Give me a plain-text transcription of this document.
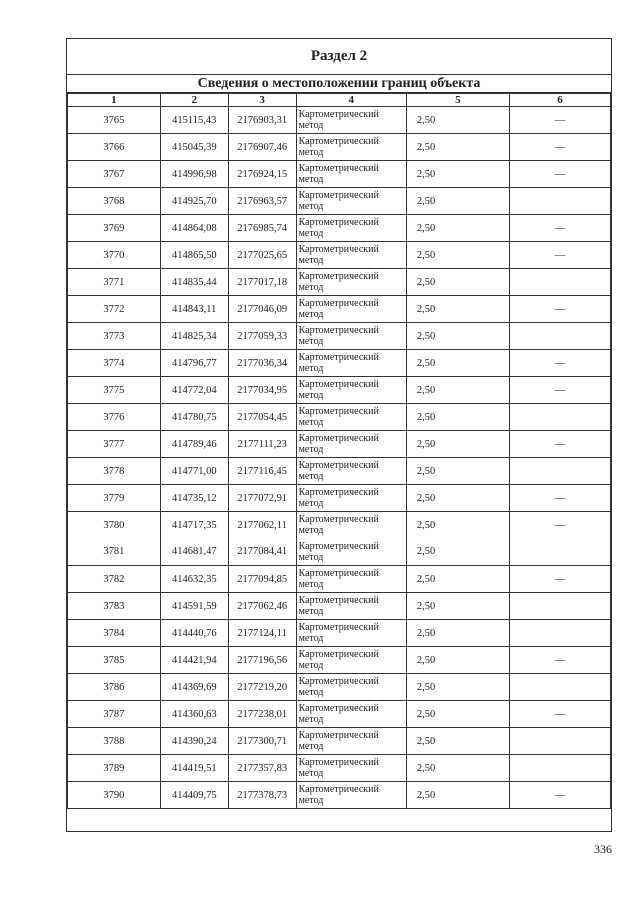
Раздел 2
Сведения о местоположении границ объекта
1	2	3	4	5	6
3765	415115,43	2176903,31	Картометрический метод	2,50	—
3766	415045,39	2176907,46	Картометрический метод	2,50	—
3767	414996,98	2176924,15	Картометрический метод	2,50	—
3768	414925,70	2176963,57	Картометрический метод	2,50	
3769	414864,08	2176985,74	Картометрический метод	2,50	—
3770	414865,50	2177025,65	Картометрический метод	2,50	—
3771	414835,44	2177017,18	Картометрический метод	2,50	
3772	414843,11	2177046,09	Картометрический метод	2,50	—
3773	414825,34	2177059,33	Картометрический метод	2,50	
3774	414796,77	2177036,34	Картометрический метод	2,50	—
3775	414772,04	2177034,95	Картометрический метод	2,50	—
3776	414780,75	2177054,45	Картометрический метод	2,50	
3777	414789,46	2177111,23	Картометрический метод	2,50	—
3778	414771,00	2177116,45	Картометрический метод	2,50	
3779	414735,12	2177072,91	Картометрический метод	2,50	—
3780	414717,35	2177062,11	Картометрический метод	2,50	—
3781	414681,47	2177084,41	Картометрический метод	2,50	
3782	414632,35	2177094,85	Картометрический метод	2,50	—
3783	414591,59	2177062,46	Картометрический метод	2,50	
3784	414440,76	2177124,11	Картометрический метод	2,50	
3785	414421,94	2177196,56	Картометрический метод	2,50	—
3786	414369,69	2177219,20	Картометрический метод	2,50	
3787	414360,63	2177238,01	Картометрический метод	2,50	—
3788	414390,24	2177300,71	Картометрический метод	2,50	
3789	414419,51	2177357,83	Картометрический метод	2,50	
3790	414409,75	2177378,73	Картометрический метод	2,50	—
336
